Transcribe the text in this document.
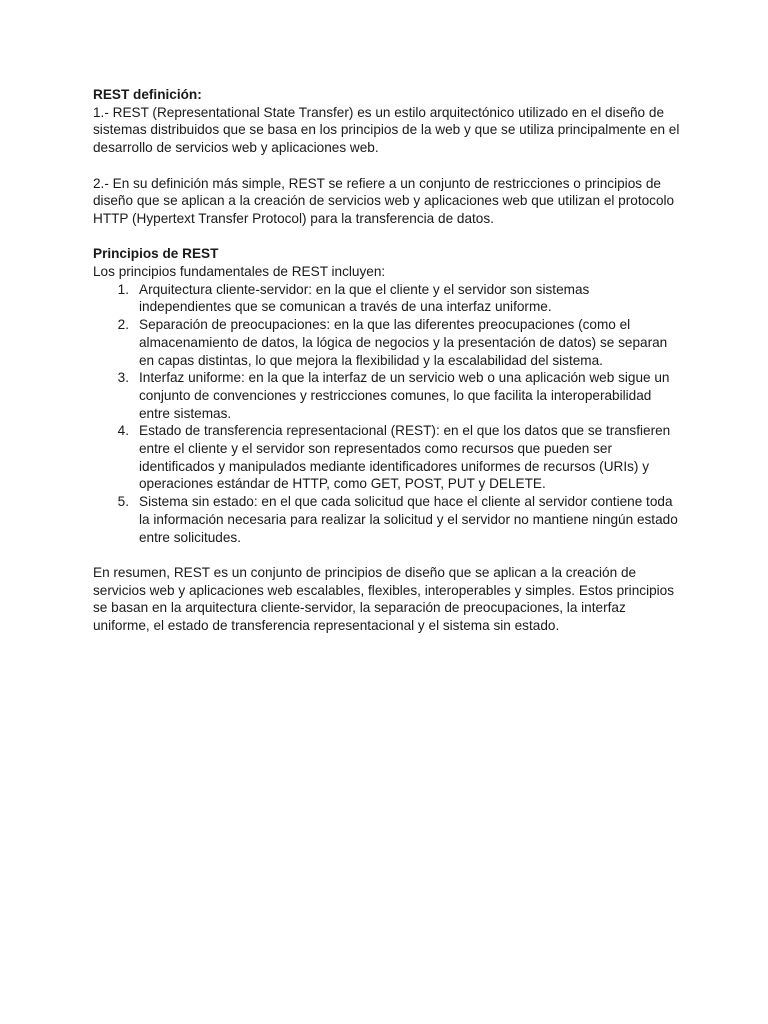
REST definición:

1.- REST (Representational State Transfer) es un estilo arquitectónico utilizado en el diseño de sistemas distribuidos que se basa en los principios de la web y que se utiliza principalmente en el desarrollo de servicios web y aplicaciones web.

2.- En su definición más simple, REST se refiere a un conjunto de restricciones o principios de diseño que se aplican a la creación de servicios web y aplicaciones web que utilizan el protocolo HTTP (Hypertext Transfer Protocol) para la transferencia de datos.

Principios de REST

Los principios fundamentales de REST incluyen:

1. Arquitectura cliente-servidor: en la que el cliente y el servidor son sistemas independientes que se comunican a través de una interfaz uniforme.
2. Separación de preocupaciones: en la que las diferentes preocupaciones (como el almacenamiento de datos, la lógica de negocios y la presentación de datos) se separan en capas distintas, lo que mejora la flexibilidad y la escalabilidad del sistema.
3. Interfaz uniforme: en la que la interfaz de un servicio web o una aplicación web sigue un conjunto de convenciones y restricciones comunes, lo que facilita la interoperabilidad entre sistemas.
4. Estado de transferencia representacional (REST): en el que los datos que se transfieren entre el cliente y el servidor son representados como recursos que pueden ser identificados y manipulados mediante identificadores uniformes de recursos (URIs) y operaciones estándar de HTTP, como GET, POST, PUT y DELETE.
5. Sistema sin estado: en el que cada solicitud que hace el cliente al servidor contiene toda la información necesaria para realizar la solicitud y el servidor no mantiene ningún estado entre solicitudes.

En resumen, REST es un conjunto de principios de diseño que se aplican a la creación de servicios web y aplicaciones web escalables, flexibles, interoperables y simples. Estos principios se basan en la arquitectura cliente-servidor, la separación de preocupaciones, la interfaz uniforme, el estado de transferencia representacional y el sistema sin estado.
